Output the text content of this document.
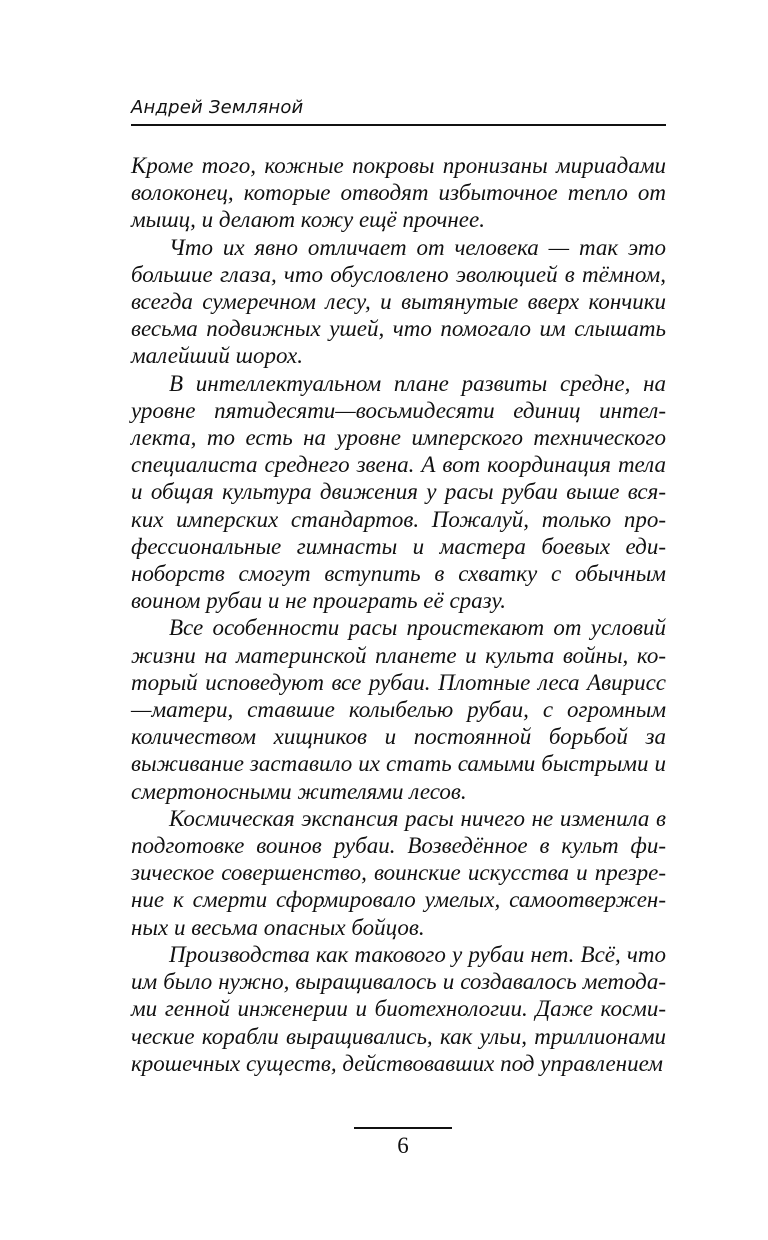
Андрей Земляной

Кроме того, кожные покровы пронизаны мириадами волоконец, которые отводят избыточное тепло от мышц, и делают кожу ещё прочнее.

Что их явно отличает от человека — так это большие глаза, что обусловлено эволюцией в тёмном, всегда сумеречном лесу, и вытянутые вверх кончики весьма подвижных ушей, что помогало им слышать малейший шорох.

В интеллектуальном плане развиты средне, на уровне пятидесяти—восьмидесяти единиц интеллекта, то есть на уровне имперского технического специалиста среднего звена. А вот координация тела и общая культура движения у расы рубаи выше всяких имперских стандартов. Пожалуй, только профессиональные гимнасты и мастера боевых единоборств смогут вступить в схватку с обычным воином рубаи и не проиграть её сразу.

Все особенности расы проистекают от условий жизни на материнской планете и культа войны, который исповедуют все рубаи. Плотные леса Авирисс—матери, ставшие колыбелью рубаи, с огромным количеством хищников и постоянной борьбой за выживание заставило их стать самыми быстрыми и смертоносными жителями лесов.

Космическая экспансия расы ничего не изменила в подготовке воинов рубаи. Возведённое в культ физическое совершенство, воинские искусства и презрение к смерти сформировало умелых, самоотверженных и весьма опасных бойцов.

Производства как такового у рубаи нет. Всё, что им было нужно, выращивалось и создавалось методами генной инженерии и биотехнологии. Даже космические корабли выращивались, как ульи, триллионами крошечных существ, действовавших под управлением

6
